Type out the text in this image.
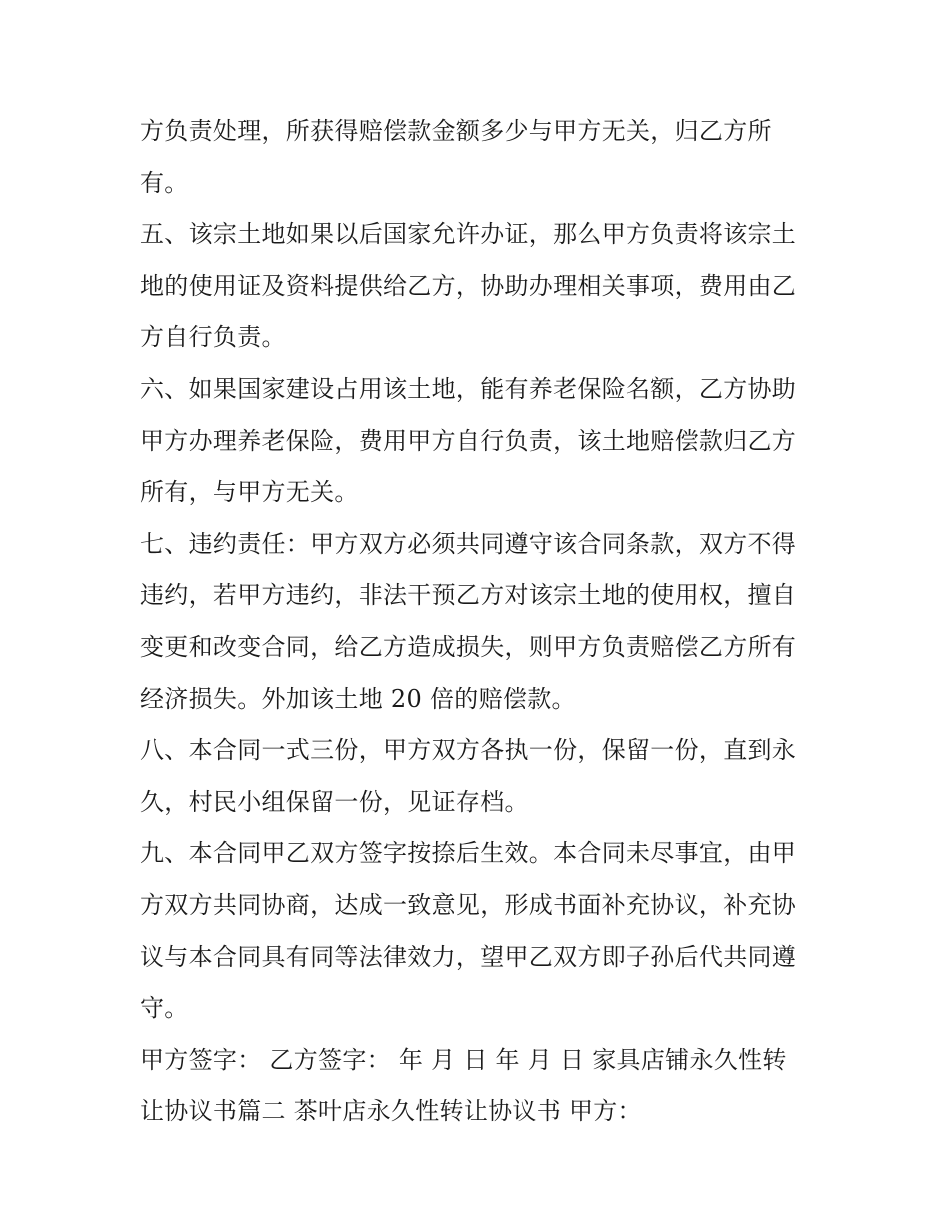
方负责处理，所获得赔偿款金额多少与甲方无关，归乙方所
有。
五、该宗土地如果以后国家允许办证，那么甲方负责将该宗土
地的使用证及资料提供给乙方，协助办理相关事项，费用由乙
方自行负责。
六、如果国家建设占用该土地，能有养老保险名额，乙方协助
甲方办理养老保险，费用甲方自行负责，该土地赔偿款归乙方
所有，与甲方无关。
七、违约责任：甲方双方必须共同遵守该合同条款，双方不得
违约，若甲方违约，非法干预乙方对该宗土地的使用权，擅自
变更和改变合同，给乙方造成损失，则甲方负责赔偿乙方所有
经济损失。外加该土地 20 倍的赔偿款。
八、本合同一式三份，甲方双方各执一份，保留一份，直到永
久，村民小组保留一份，见证存档。
九、本合同甲乙双方签字按捺后生效。本合同未尽事宜，由甲
方双方共同协商，达成一致意见，形成书面补充协议，补充协
议与本合同具有同等法律效力，望甲乙双方即子孙后代共同遵
守。
甲方签字： 乙方签字： 年 月 日 年 月 日 家具店铺永久性转
让协议书篇二 茶叶店永久性转让协议书 甲方：
